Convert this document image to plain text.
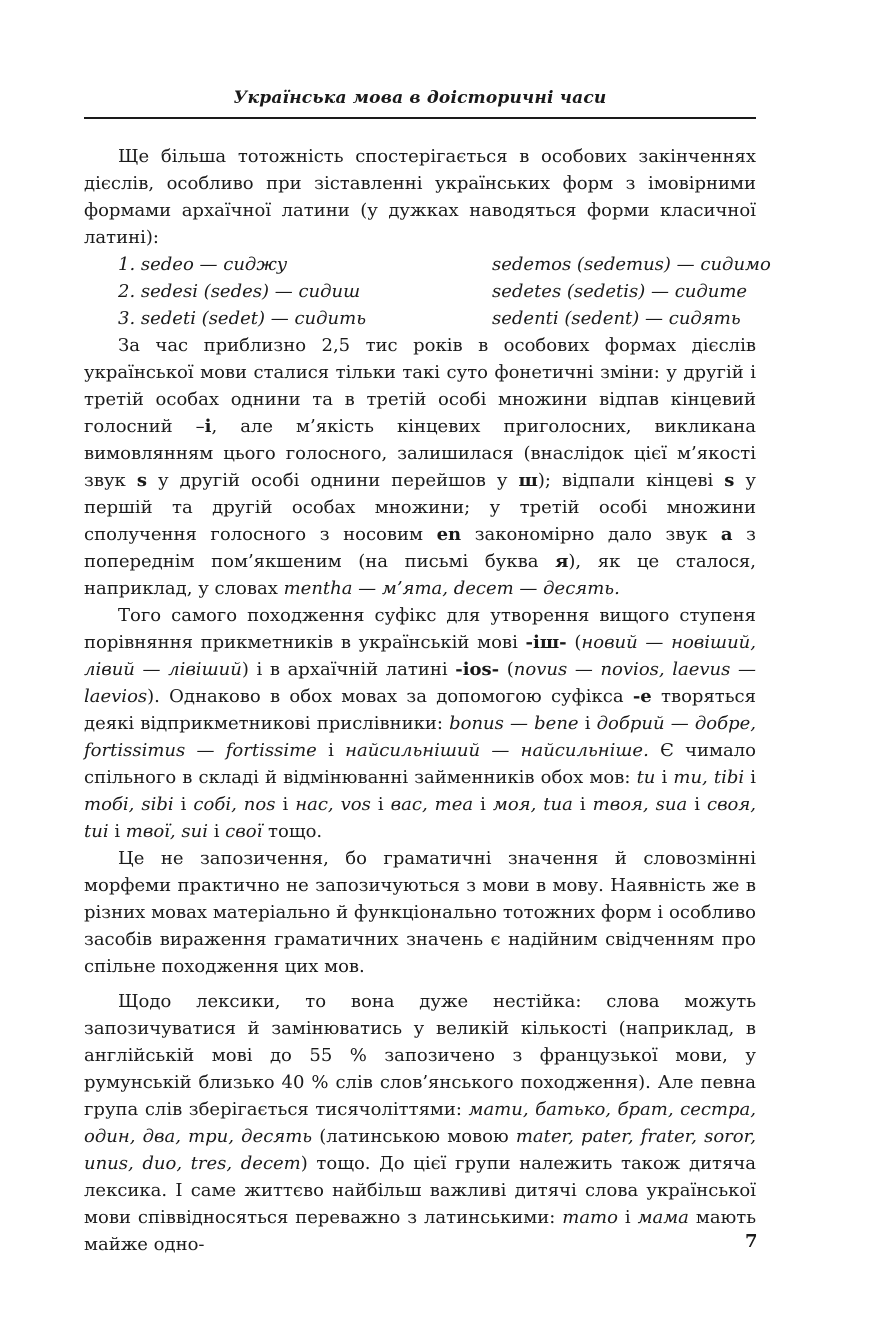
Українська мова в доісторичні часи

Ще більша тотожність спостерігається в особових закінченнях дієслів, особливо при зіставленні українських форм з імовірними формами архаїчної латини (у дужках наводяться форми класичної латині):

1. sedeo — сиджу	sedemos (sedemus) — сидимо
2. sedesi (sedes) — сидиш	sedetes (sedetis) — сидите
3. sedeti (sedet) — сидить	sedenti (sedent) — сидять

За час приблизно 2,5 тис років в особових формах дієслів української мови сталися тільки такі суто фонетичні зміни: у другій і третій особах однини та в третій особі множини відпав кінцевий голосний –i, але м’якість кінцевих приголосних, викликана вимовлянням цього голосного, залишилася (внаслідок цієї м’якості звук s у другій особі однини перейшов у ш); відпали кінцеві s у першій та другій особах множини; у третій особі множини сполучення голосного з носовим en закономірно дало звук а з попереднім пом’якшеним (на письмі буква я), як це сталося, наприклад, у словах mentha — м’ята, decem — десять.

Того самого походження суфікс для утворення вищого ступеня порівняння прикметників в українській мові -іш- (новий — новіший, лівий — лівіший) і в архаїчній латині -ios- (novus — novios, laevus — laevios). Однаково в обох мовах за допомогою суфікса -е творяться деякі відприкметникові прислівники: bonus — bene і добрий — добре, fortissimus — fortissime і найсильніший — найсильніше. Є чимало спільного в складі й відмінюванні займенників обох мов: tu і ти, tibi і тобі, sibi і собі, nos і нас, vos і вас, mea і моя, tua і твоя, sua і своя, tui і твої, sui і свої тощо.

Це не запозичення, бо граматичні значення й словозмінні морфеми практично не запозичуються з мови в мову. Наявність же в різних мовах матеріально й функціонально тотожних форм і особливо засобів вираження граматичних значень є надійним свідченням про спільне походження цих мов.

Щодо лексики, то вона дуже нестійка: слова можуть запозичуватися й замінюватись у великій кількості (наприклад, в англійській мові до 55 % запозичено з французької мови, у румунській близько 40 % слів слов’янського походження). Але певна група слів зберігається тисячоліттями: мати, батько, брат, сестра, один, два, три, десять (латинською мовою mater, pater, frater, soror, unus, duo, tres, decem) тощо. До цієї групи належить також дитяча лексика. І саме життєво найбільш важливі дитячі слова української мови співвідносяться переважно з латинськими: тато і мама мають майже одно-	7
